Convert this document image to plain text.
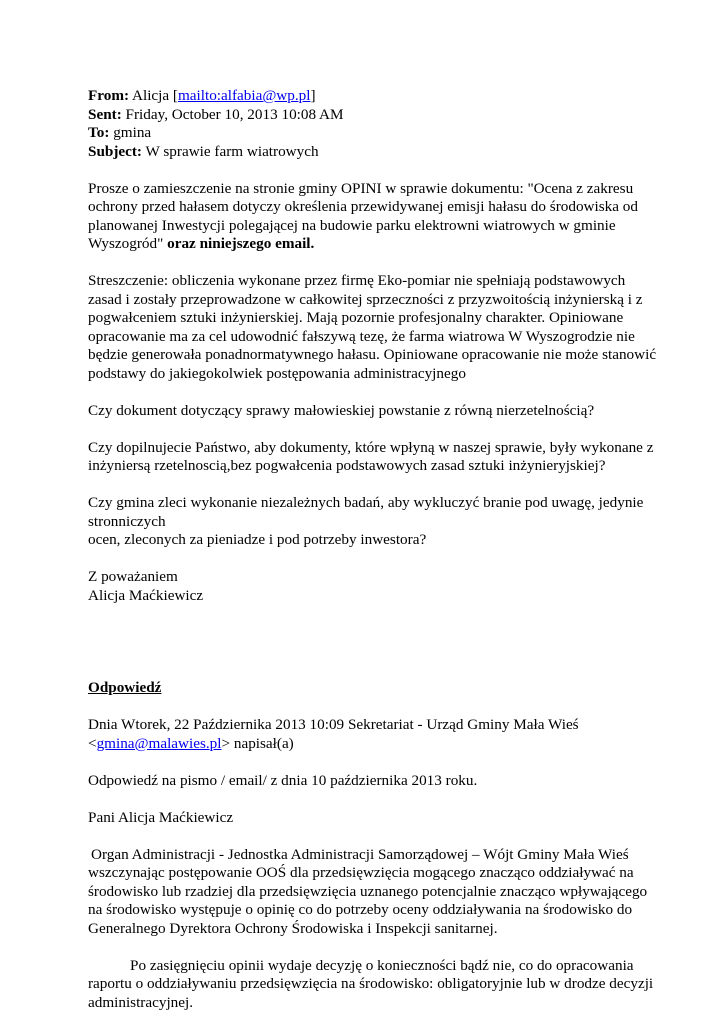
From: Alicja [mailto:alfabia@wp.pl]
Sent: Friday, October 10, 2013 10:08 AM
To: gmina
Subject: W sprawie farm wiatrowych
Prosze o zamieszczenie na stronie gminy OPINI w sprawie dokumentu: "Ocena z zakresu
ochrony przed hałasem dotyczy określenia przewidywanej emisji hałasu do środowiska od
planowanej Inwestycji polegającej na budowie parku elektrowni wiatrowych w gminie
Wyszogród" oraz niniejszego email.
Streszczenie: obliczenia wykonane przez firmę Eko-pomiar nie spełniają podstawowych
zasad i zostały przeprowadzone w całkowitej sprzeczności z przyzwoitością inżynierską i z
pogwałceniem sztuki inżynierskiej. Mają pozornie profesjonalny charakter. Opiniowane
opracowanie ma za cel udowodnić fałszywą tezę, że farma wiatrowa W Wyszogrodzie nie
będzie generowała ponadnormatywnego hałasu. Opiniowane opracowanie nie może stanowić
podstawy do jakiegokolwiek postępowania administracyjnego
Czy dokument dotyczący sprawy małowieskiej powstanie z równą nierzetelnością?
Czy dopilnujecie Państwo, aby dokumenty, które wpłyną w naszej sprawie, były wykonane z
inżyniersą rzetelnoscią,bez pogwałcenia podstawowych zasad sztuki inżynieryjskiej?
Czy gmina zleci wykonanie niezależnych badań, aby wykluczyć branie pod uwagę, jedynie
stronniczych
ocen, zleconych za pieniadze i pod potrzeby inwestora?
Z poważaniem
Alicja Maćkiewicz
Odpowiedź
Dnia Wtorek, 22 Października 2013 10:09 Sekretariat - Urząd Gminy Mała Wieś
<gmina@malawies.pl> napisał(a)
Odpowiedź na pismo / email/ z dnia 10 października 2013 roku.
Pani Alicja Maćkiewicz
Organ Administracji - Jednostka Administracji Samorządowej – Wójt Gminy Mała Wieś
wszczynając postępowanie OOŚ dla przedsięwzięcia mogącego znacząco oddziaływać na
środowisko lub rzadziej dla przedsięwzięcia uznanego potencjalnie znacząco wpływającego
na środowisko występuje o opinię co do potrzeby oceny oddziaływania na środowisko do
Generalnego Dyrektora Ochrony Środowiska i Inspekcji sanitarnej.
Po zasięgnięciu opinii wydaje decyzję o konieczności bądź nie, co do opracowania
raportu o oddziaływaniu przedsięwzięcia na środowisko: obligatoryjnie lub w drodze decyzji
administracyjnej.
